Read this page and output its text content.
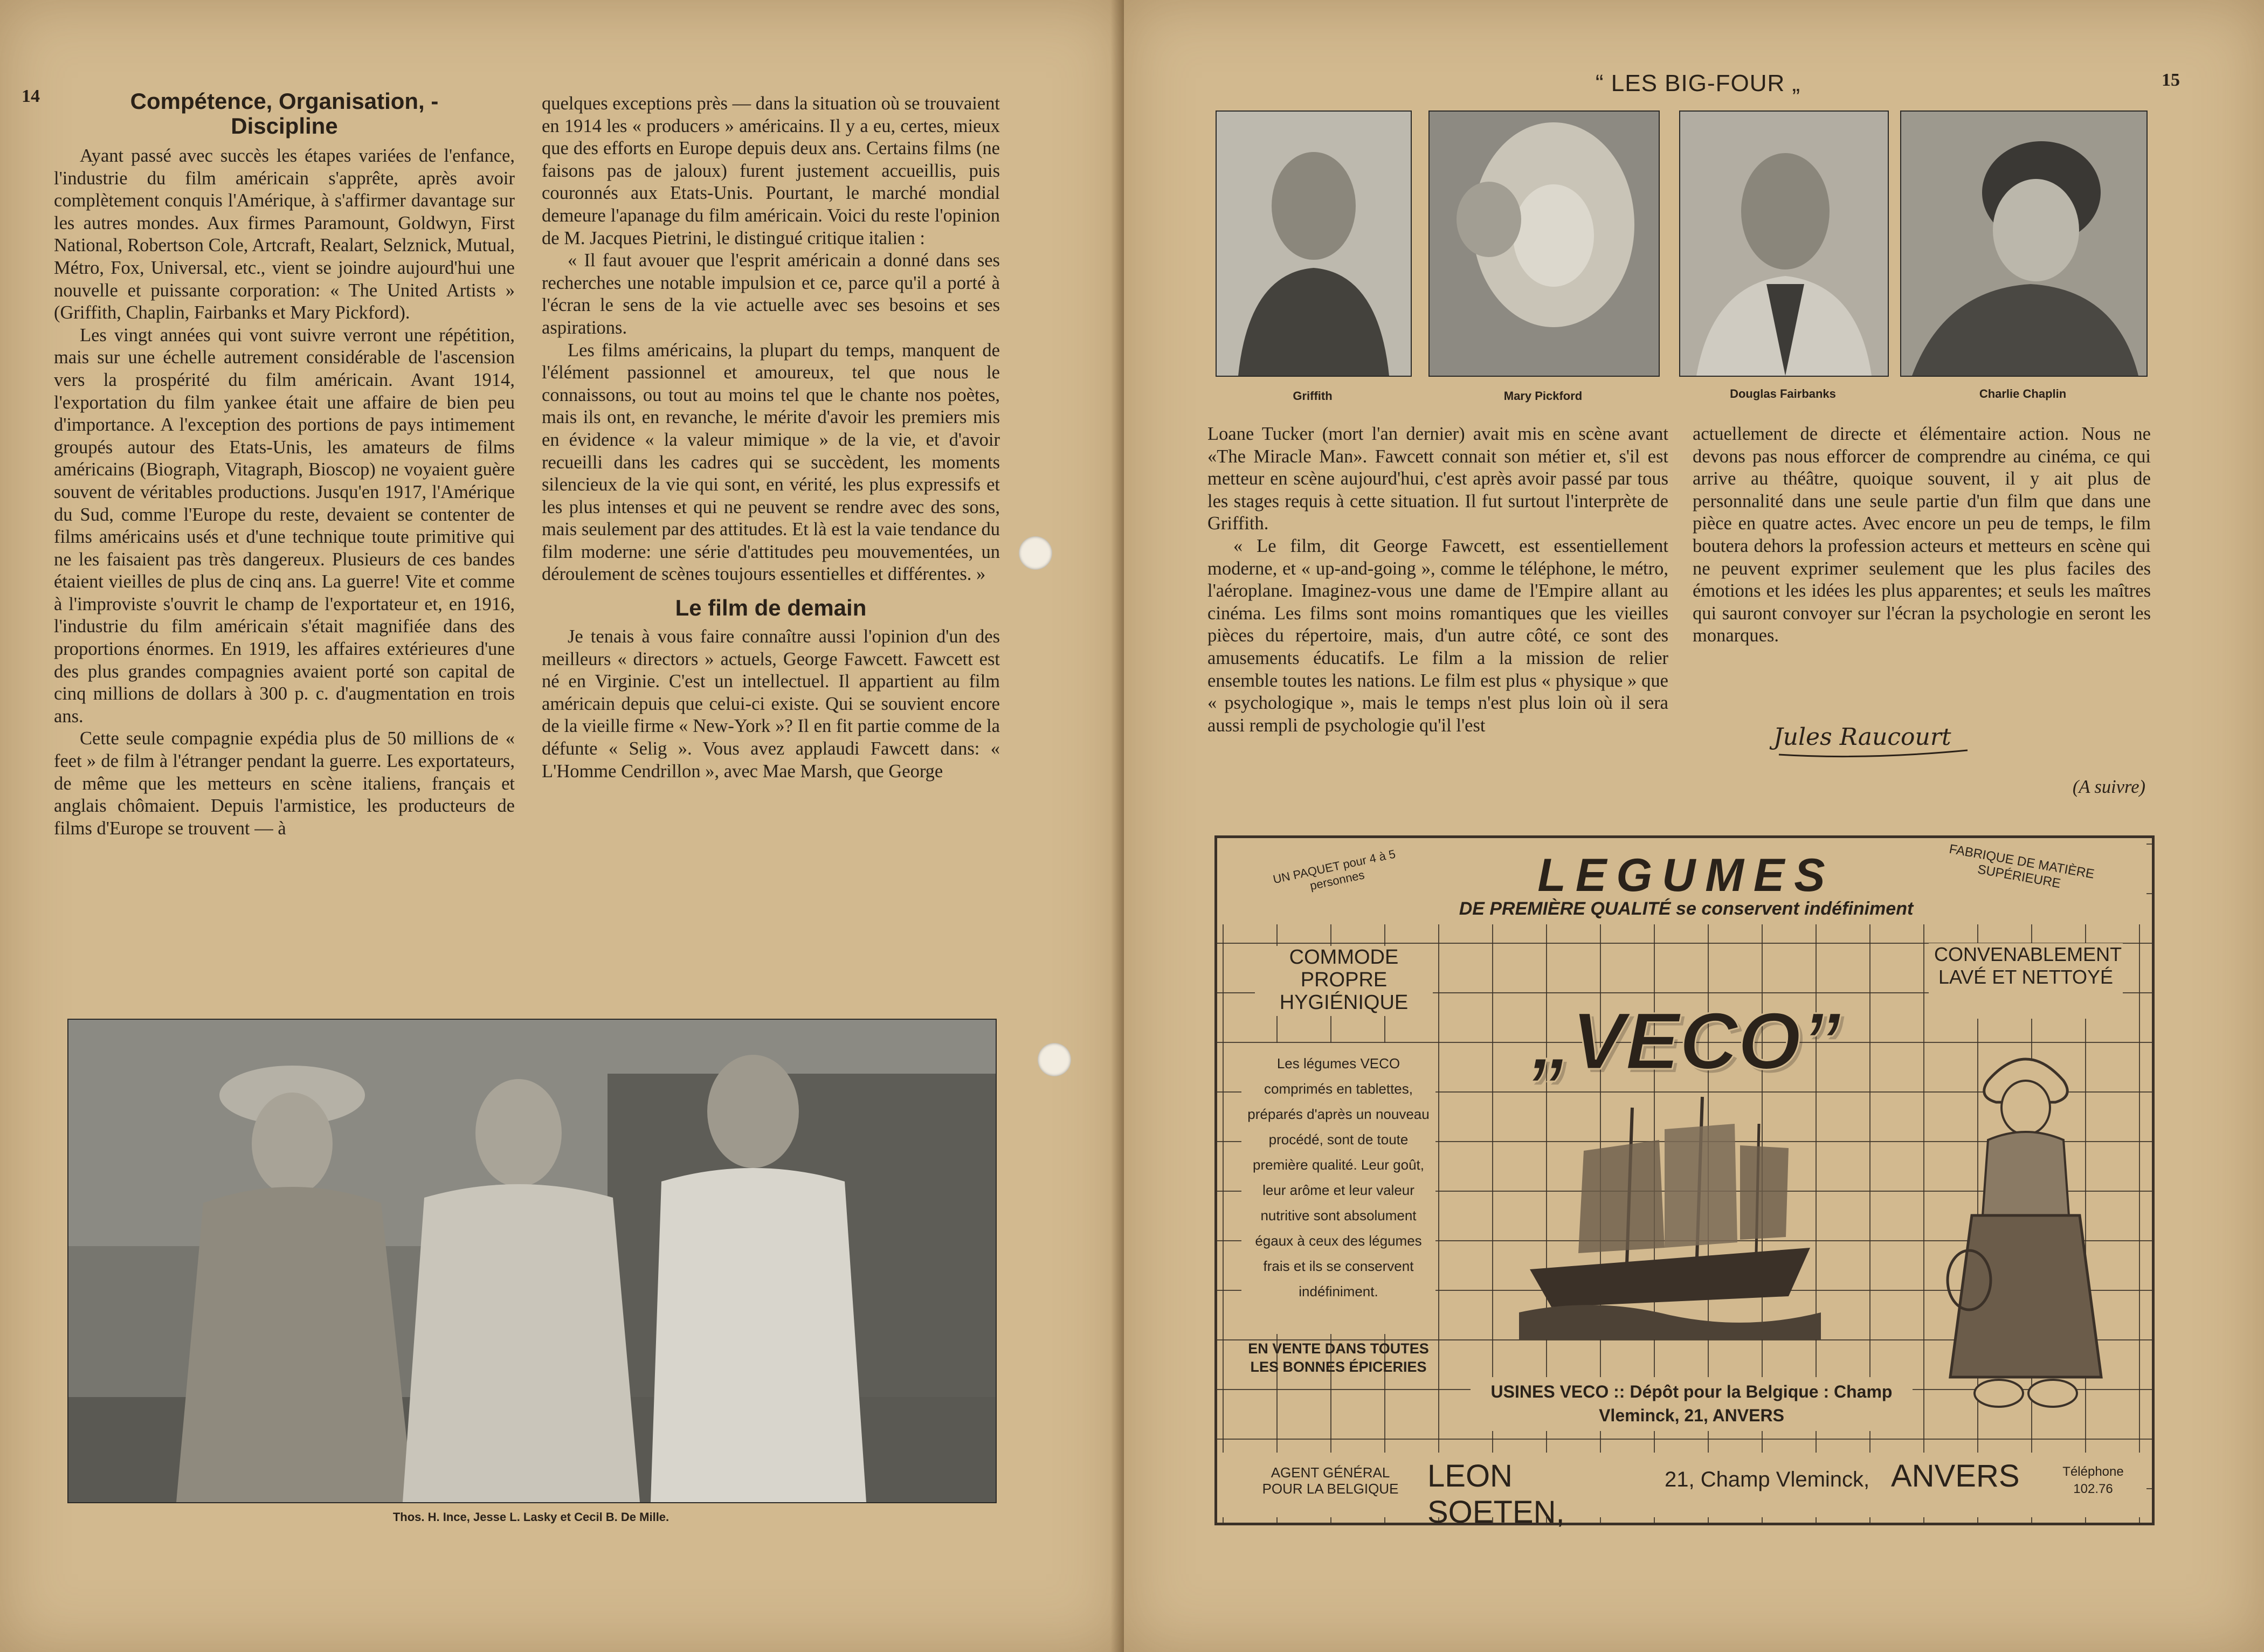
14	Compétence, Organisation, - Discipline

Ayant passé avec succès les étapes variées de l'enfance, l'industrie du film américain s'apprête, après avoir complètement conquis l'Amérique, à s'affirmer davantage sur les autres mondes. Aux firmes Paramount, Goldwyn, First National, Robertson Cole, Artcraft, Realart, Selznick, Mutual, Métro, Fox, Universal, etc., vient se joindre aujourd'hui une nouvelle et puissante corporation: « The United Artists » (Griffith, Chaplin, Fairbanks et Mary Pickford).

Les vingt années qui vont suivre verront une répétition, mais sur une échelle autrement considérable de l'ascension vers la prospérité du film américain. Avant 1914, l'exportation du film yankee était une affaire de bien peu d'importance. A l'exception des portions de pays intimement groupés autour des Etats-Unis, les amateurs de films américains (Biograph, Vitagraph, Bioscop) ne voyaient guère souvent de véritables productions. Jusqu'en 1917, l'Amérique du Sud, comme l'Europe du reste, devaient se contenter de films américains usés et d'une technique toute primitive qui ne les faisaient pas très dangereux. Plusieurs de ces bandes étaient vieilles de plus de cinq ans. La guerre! Vite et comme à l'improviste s'ouvrit le champ de l'exportateur et, en 1916, l'industrie du film américain s'était magnifiée dans des proportions énormes. En 1919, les affaires extérieures d'une des plus grandes compagnies avaient porté son capital de cinq millions de dollars à 300 p. c. d'augmentation en trois ans.

Cette seule compagnie expédia plus de 50 millions de « feet » de film à l'étranger pendant la guerre. Les exportateurs, de même que les metteurs en scène italiens, français et anglais chômaient. Depuis l'armistice, les producteurs de films d'Europe se trouvent — à

quelques exceptions près — dans la situation où se trouvaient en 1914 les « producers » américains. Il y a eu, certes, mieux que des efforts en Europe depuis deux ans. Certains films (ne faisons pas de jaloux) furent justement accueillis, puis couronnés aux Etats-Unis. Pourtant, le marché mondial demeure l'apanage du film américain. Voici du reste l'opinion de M. Jacques Pietrini, le distingué critique italien :

« Il faut avouer que l'esprit américain a donné dans ses recherches une notable impulsion et ce, parce qu'il a porté à l'écran le sens de la vie actuelle avec ses besoins et ses aspirations.

Les films américains, la plupart du temps, manquent de l'élément passionnel et amoureux, tel que nous le connaissons, ou tout au moins tel que le chante nos poètes, mais ils ont, en revanche, le mérite d'avoir les premiers mis en évidence « la valeur mimique » de la vie, et d'avoir recueilli dans les cadres qui se succèdent, les moments silencieux de la vie qui sont, en vérité, les plus expressifs et les plus intenses et qui ne peuvent se rendre avec des sons, mais seulement par des attitudes. Et là est la vaie tendance du film moderne: une série d'attitudes peu mouvementées, un déroulement de scènes toujours essentielles et différentes. »

Le film de demain

Je tenais à vous faire connaître aussi l'opinion d'un des meilleurs « directors » actuels, George Fawcett. Fawcett est né en Virginie. C'est un intellectuel. Il appartient au film américain depuis que celui-ci existe. Qui se souvient encore de la vieille firme « New-York »? Il en fit partie comme de la défunte « Selig ». Vous avez applaudi Fawcett dans: « L'Homme Cendrillon », avec Mae Marsh, que George

Thos. H. Ince, Jesse L. Lasky et Cecil B. De Mille.
15
“ LES BIG-FOUR „
Griffith	Mary Pickford	Douglas Fairbanks	Charlie Chaplin

Loane Tucker (mort l'an dernier) avait mis en scène avant «The Miracle Man». Fawcett connait son métier et, s'il est metteur en scène aujourd'hui, c'est après avoir passé par tous les stages requis à cette situation. Il fut surtout l'interprète de Griffith.

« Le film, dit George Fawcett, est essentiellement moderne, et « up-and-going », comme le téléphone, le métro, l'aéroplane. Imaginez-vous une dame de l'Empire allant au cinéma. Les films sont moins romantiques que les vieilles pièces du répertoire, mais, d'un autre côté, ce sont des amusements éducatifs. Le film a la mission de relier ensemble toutes les nations. Le film est plus « physique » que « psychologique », mais le temps n'est plus loin où il sera aussi rempli de psychologie qu'il l'est

actuellement de directe et élémentaire action. Nous ne devons pas nous efforcer de comprendre au cinéma, ce qui arrive au théâtre, quoique souvent, il y ait plus de personnalité dans une seule partie d'un film que dans une pièce en quatre actes. Avec encore un peu de temps, le film boutera dehors la profession acteurs et metteurs en scène qui ne peuvent exprimer seulement que les plus faciles des émotions et les idées les plus apparentes; et seuls les maîtres qui sauront convoyer sur l'écran la psychologie en seront les monarques.

Jules Raucourt
(A suivre)
UN PAQUET pour 4 à 5 personnes	LEGUMES
DE PREMIÈRE QUALITÉ se conservent indéfiniment
FABRIQUE DE MATIÈRE SUPÉRIEURE
COMMODE PROPRE HYGIÉNIQUE
CONVENABLEMENT LAVÉ ET NETTOYÉ
Les légumes VECO comprimés en tablettes, préparés d'après un nouveau procédé, sont de toute première qualité. Leur goût, leur arôme et leur valeur nutritive sont absolument égaux à ceux des légumes frais et ils se conservent indéfiniment.
EN VENTE DANS TOUTES LES BONNES ÉPICERIES
„VECO”
USINES VECO :: Dépôt pour la Belgique : Champ Vleminck, 21, ANVERS
AGENT GÉNÉRAL POUR LA BELGIQUE LEON SOETEN,
21, Champ Vleminck, ANVERS	Téléphone 102.76
